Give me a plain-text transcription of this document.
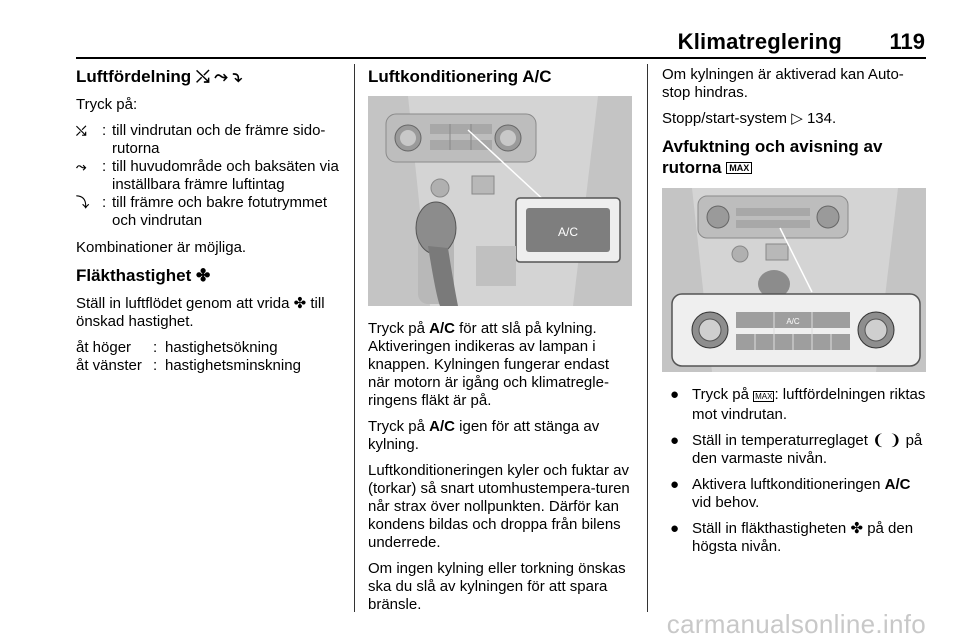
Klimatreglering 119
Luftfördelning ⤯ ⤳ ⤵

Tryck på:

⤯	: till vindrutan och de främre sido-rutorna
⤳	: till huvudområde och baksäten via inställbara främre luftintag
⤵ : till främre och bakre fotutrymmet och vindrutan

Kombinationer är möjliga.

Fläkthastighet ✤

Ställ in luftflödet genom att vrida ✤ till önskad hastighet.

åt höger	: hastighetsökning
åt vänster : hastighetsminskning
Luftkonditionering A/C
A/C

Tryck på A/C för att slå på kylning. Aktiveringen indikeras av lampan i knappen. Kylningen fungerar endast när motorn är igång och klimatregle-ringens fläkt är på.

Tryck på A/C igen för att stänga av kylning.

Luftkonditioneringen kyler och fuktar av (torkar) så snart utomhustempera-turen når strax över nollpunkten. Därför kan kondens bildas och droppa från bilens underrede.

Om ingen kylning eller torkning önskas ska du slå av kylningen för att spara bränsle.

Om kylningen är aktiverad kan Auto-stop hindras.

Stopp/start-system ▷ 134.

Avfuktning och avisning av rutorna MAX
A/C
● Tryck på MAX : luftfördelningen riktas mot vindrutan.
● Ställ in temperaturreglaget ❨ ❩ på den varmaste nivån.
● Aktivera luftkonditioneringen A/C vid behov.
● Ställ in fläkthastigheten ✤ på den högsta nivån.
carmanualsonline.info
